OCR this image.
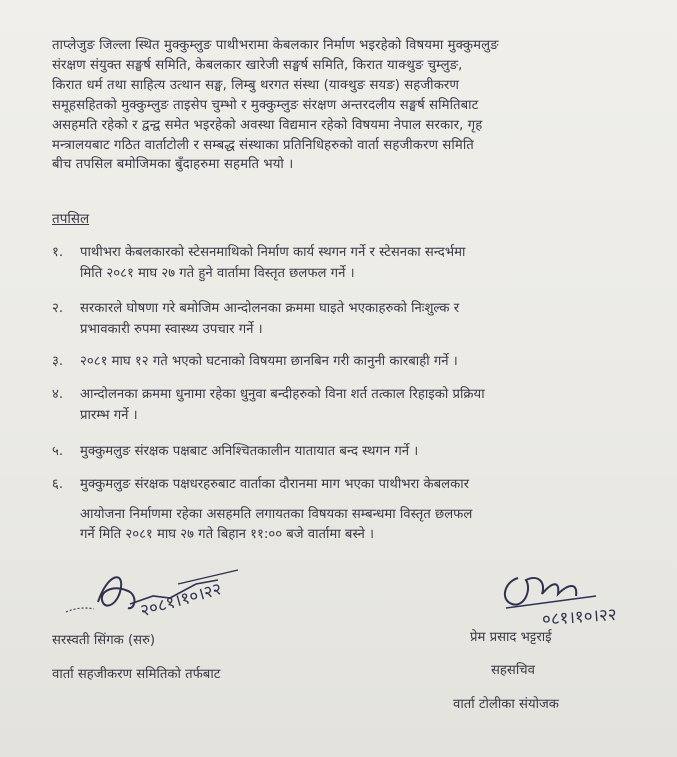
ताप्लेजुङ जिल्ला स्थित मुक्कुम्लुङ पाथीभरामा केबलकार निर्माण भइरहेको विषयमा मुक्कुमलुङ
संरक्षण संयुक्त सङ्घर्ष समिति, केबलकार खारेजी सङ्घर्ष समिति, किरात याक्थुङ चुम्लुङ,
किरात धर्म तथा साहित्य उत्थान सङ्घ, लिम्बु थरगत संस्था (याक्थुङ सयङ) सहजीकरण
समूहसहितको मुक्कुम्लुङ ताइसेप चुम्भो र मुक्कुम्लुङ संरक्षण अन्तरदलीय सङ्घर्ष समितिबाट
असहमति रहेको र द्वन्द्व समेत भइरहेको अवस्था विद्यमान रहेको विषयमा नेपाल सरकार, गृह
मन्त्रालयबाट गठित वार्ताटोली र सम्बद्ध संस्थाका प्रतिनिधिहरुको वार्ता सहजीकरण समिति
बीच तपसिल बमोजिमका बुँदाहरुमा सहमति भयो ।
तपसिल
१. पाथीभरा केबलकारको स्टेसनमाथिको निर्माण कार्य स्थगन गर्ने र स्टेसनका सन्दर्भमा
मिति २०८१ माघ २७ गते हुने वार्तामा विस्तृत छलफल गर्ने ।
२. सरकारले घोषणा गरे बमोजिम आन्दोलनका क्रममा घाइते भएकाहरुको निःशुल्क र
प्रभावकारी रुपमा स्वास्थ्य उपचार गर्ने ।
३. २०८१ माघ १२ गते भएको घटनाको विषयमा छानबिन गरी कानुनी कारबाही गर्ने ।
४. आन्दोलनका क्रममा धुनामा रहेका धुनुवा बन्दीहरुको विना शर्त तत्काल रिहाइको प्रक्रिया
प्रारम्भ गर्ने ।
५. मुक्कुमलुङ संरक्षक पक्षबाट अनिश्चितकालीन यातायात बन्द स्थगन गर्ने ।
६. मुक्कुमलुङ संरक्षक पक्षधरहरुबाट वार्ताका दौरानमा माग भएका पाथीभरा केबलकार
आयोजना निर्माणमा रहेका असहमति लगायतका विषयका सम्बन्धमा विस्तृत छलफल
गर्ने मिति २०८१ माघ २७ गते बिहान ११:०० बजे वार्तामा बस्ने ।
२०८१।१०।२२
सरस्वती सिंगक (सरु)
वार्ता सहजीकरण समितिको तर्फबाट
०८१।१०।२२
प्रेम प्रसाद भट्टराई
सहसचिव
वार्ता टोलीका संयोजक
